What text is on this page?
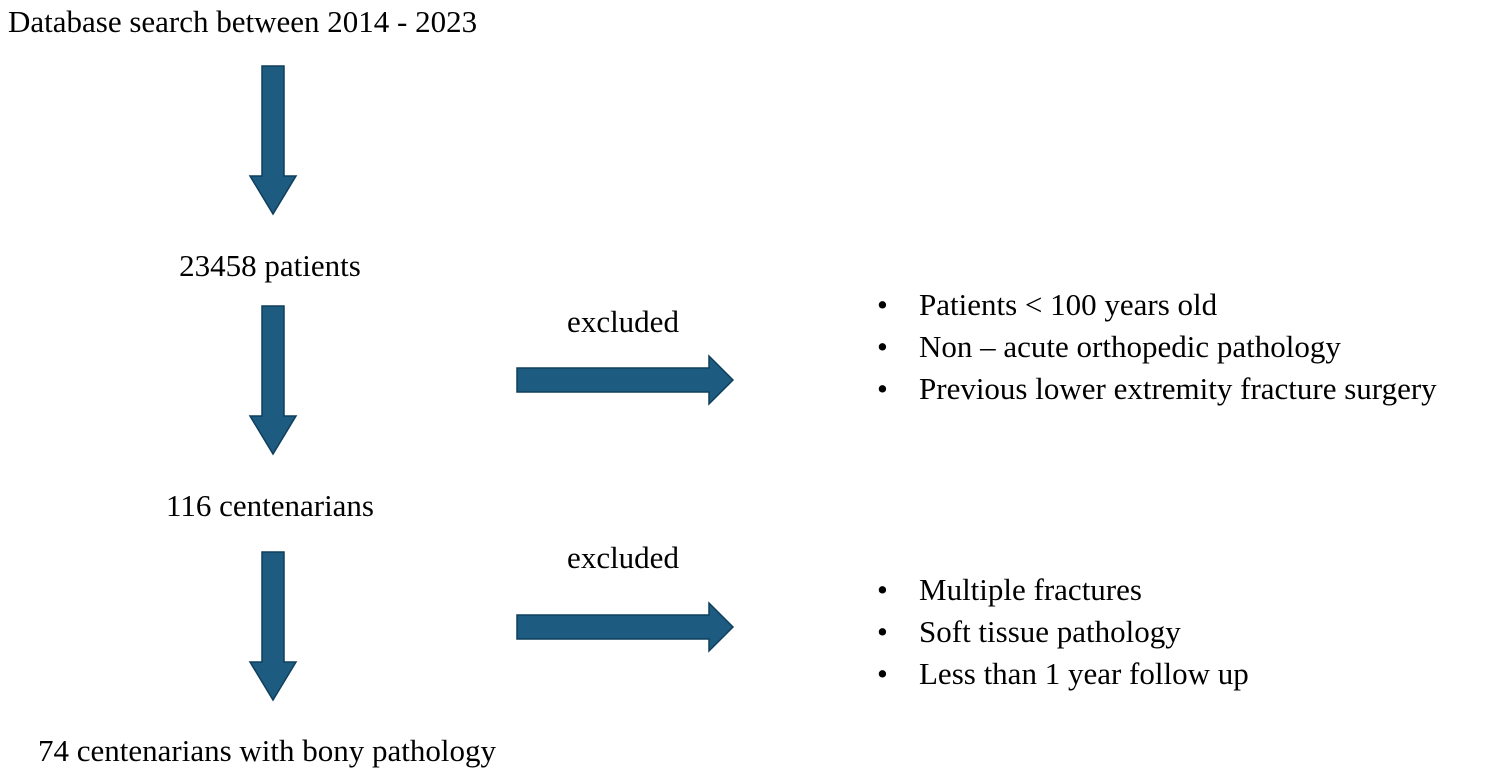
Database search between 2014 - 2023
23458 patients
116 centenarians
74 centenarians with bony pathology
excluded
•	Patients < 100 years old
• Non – acute orthopedic pathology
• Previous lower extremity fracture surgery
excluded
• Multiple fractures
• Soft tissue pathology
• Less than 1 year follow up
